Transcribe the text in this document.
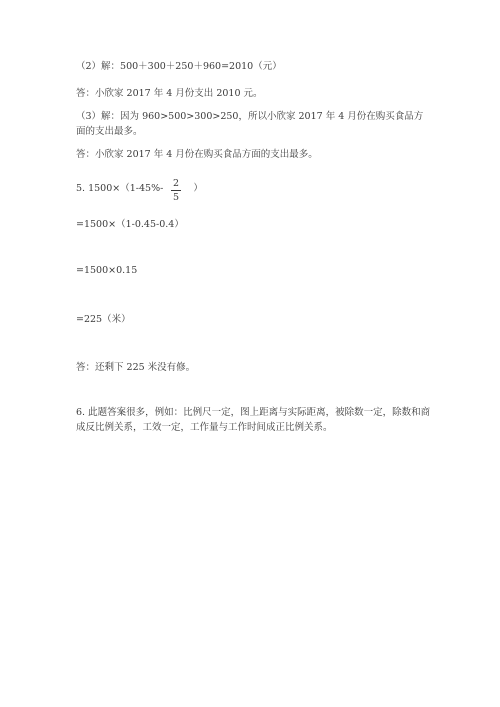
（2）解：500＋300＋250＋960=2010（元）
答：小欣家 2017 年 4 月份支出 2010 元。
（3）解：因为 960>500>300>250，所以小欣家 2017 年 4 月份在购买食品方面的支出最多。
答：小欣家 2017 年 4 月份在购买食品方面的支出最多。
5. 1500×（1-45%-	）
2
5
=1500×（1-0.45-0.4）
=1500×0.15
=225（米）
答：还剩下 225 米没有修。
6. 此题答案很多，例如：比例尺一定，图上距离与实际距离，被除数一定，除数和商成反比例关系，工效一定，工作量与工作时间成正比例关系。
